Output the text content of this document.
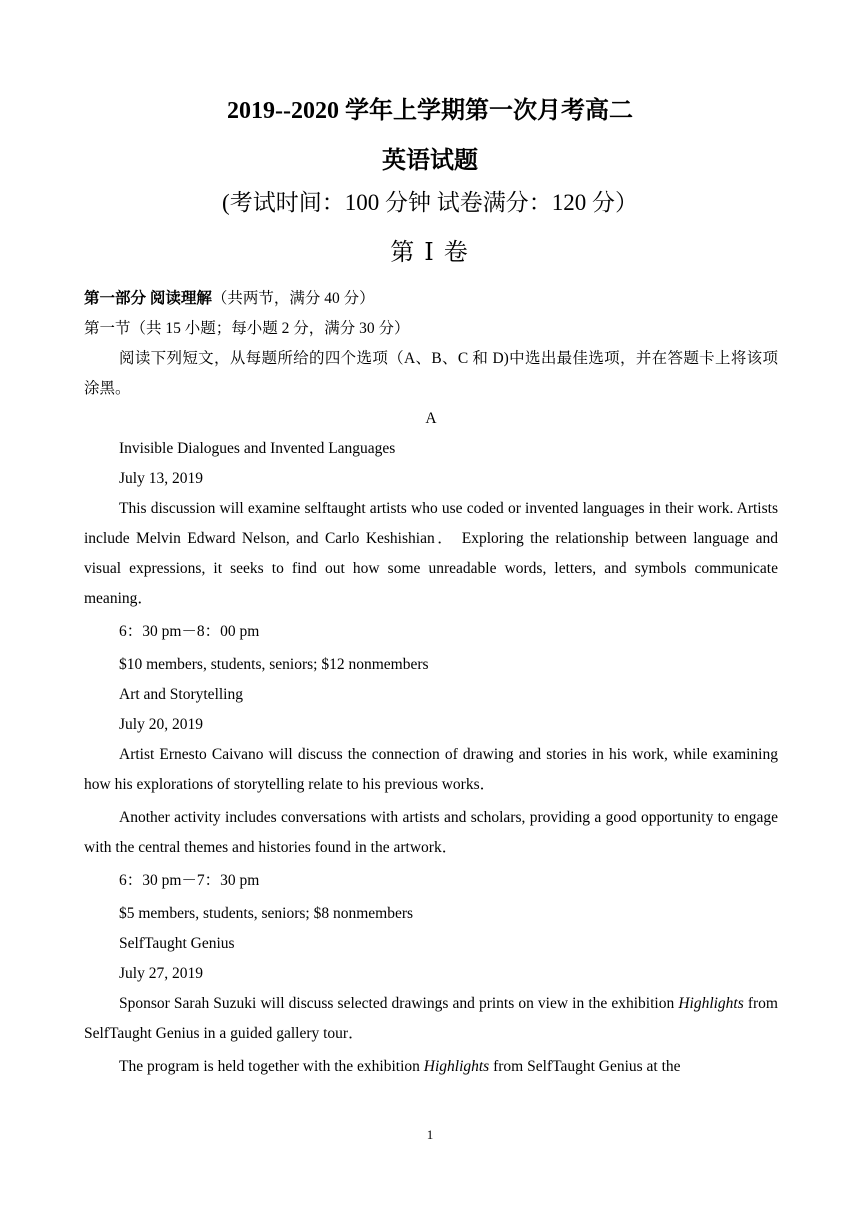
2019--2020 学年上学期第一次月考高二
英语试题
(考试时间：100 分钟 试卷满分：120 分）
第 Ⅰ 卷

第一部分 阅读理解（共两节，满分 40 分）

第一节（共 15 小题；每小题 2 分，满分 30 分）

阅读下列短文，从每题所给的四个选项（A、B、C 和 D)中选出最佳选项，并在答题卡上将该项涂黑。

A

Invisible Dialogues and Invented Languages

July 13, 2019

This discussion will examine selftaught artists who use coded or invented languages in their work. Artists include Melvin Edward Nelson, and Carlo Keshishian． Exploring the relationship between language and visual expressions, it seeks to find out how some unreadable words, letters, and symbols communicate meaning．

6：30 pm－8：00 pm

$10 members, students, seniors; $12 nonmembers

Art and Storytelling

July 20, 2019

Artist Ernesto Caivano will discuss the connection of drawing and stories in his work, while examining how his explorations of storytelling relate to his previous works．

Another activity includes conversations with artists and scholars, providing a good opportunity to engage with the central themes and histories found in the artwork．

6：30 pm－7：30 pm

$5 members, students, seniors; $8 nonmembers

SelfTaught Genius

July 27, 2019

Sponsor Sarah Suzuki will discuss selected drawings and prints on view in the exhibition Highlights from SelfTaught Genius in a guided gallery tour．

The program is held together with the exhibition Highlights from SelfTaught Genius at the

1
